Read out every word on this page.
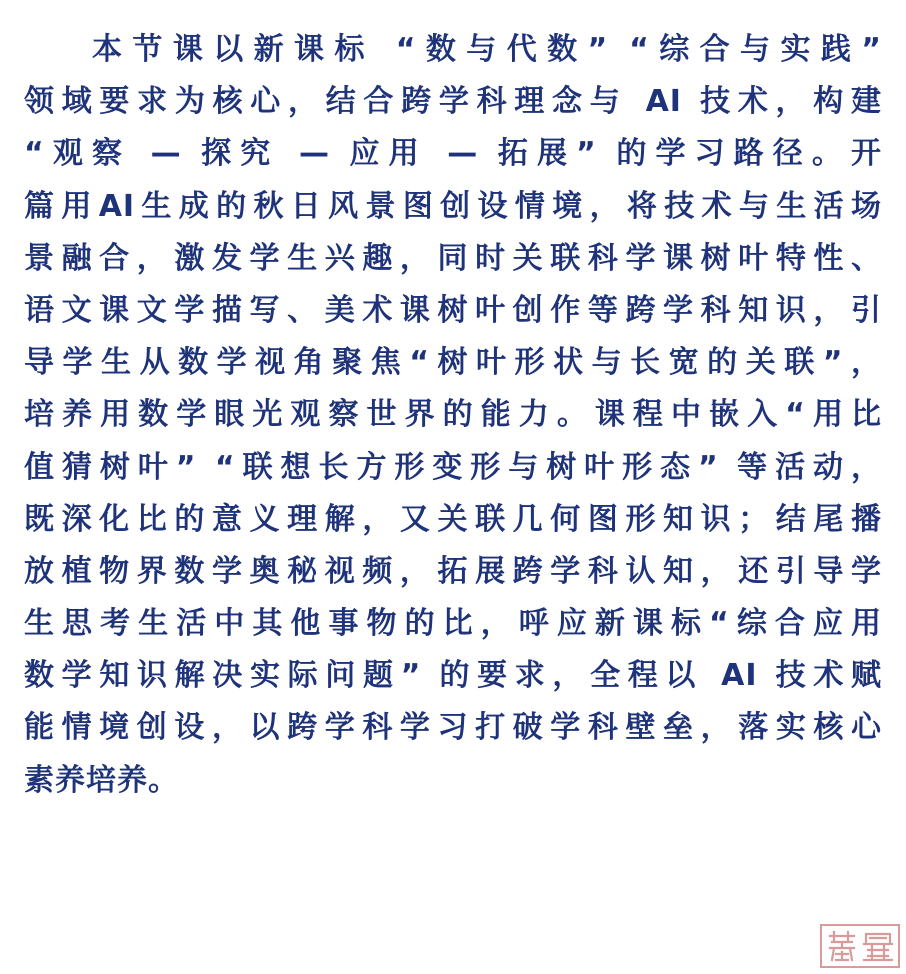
本节课以新课标 “数与代数” “综合与实践”
领域要求为核心，结合跨学科理念与 AI 技术，构建
“观察 — 探究 — 应用 — 拓展” 的学习路径。开
篇用AI生成的秋日风景图创设情境，将技术与生活场
景融合，激发学生兴趣，同时关联科学课树叶特性、
语文课文学描写、美术课树叶创作等跨学科知识，引
导学生从数学视角聚焦“树叶形状与长宽的关联”，
培养用数学眼光观察世界的能力。课程中嵌入“用比
值猜树叶” “联想长方形变形与树叶形态” 等活动，
既深化比的意义理解，又关联几何图形知识；结尾播
放植物界数学奥秘视频，拓展跨学科认知，还引导学
生思考生活中其他事物的比，呼应新课标“综合应用
数学知识解决实际问题” 的要求，全程以 AI 技术赋
能情境创设，以跨学科学习打破学科壁垒，落实核心
素养培养。
